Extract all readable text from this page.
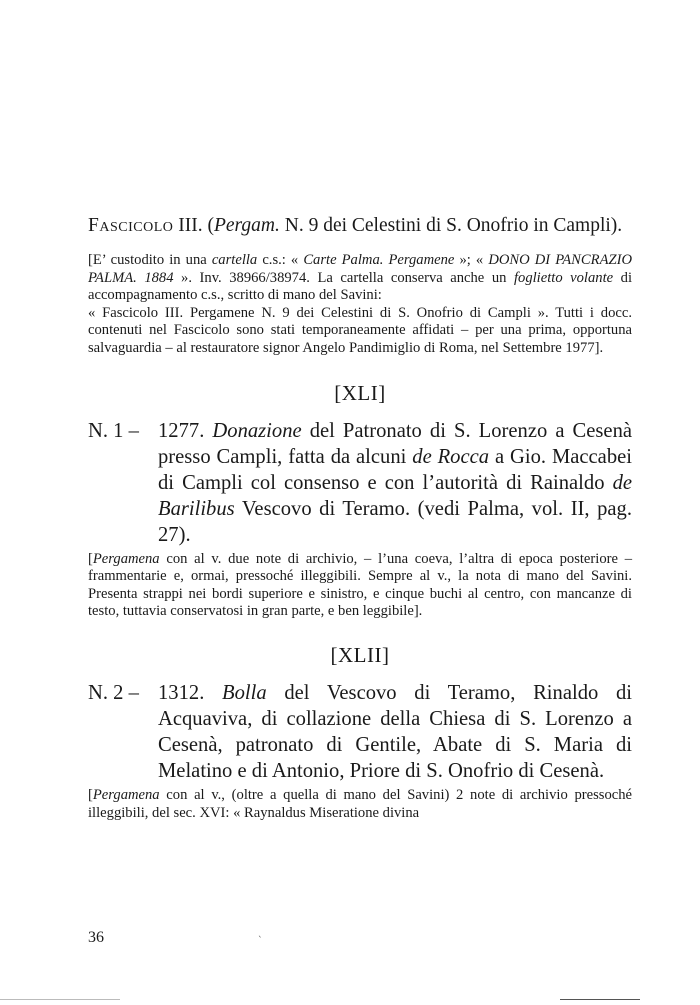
Fascicolo III. (Pergam. N. 9 dei Celestini di S. Onofrio in Campli).

[E’ custodito in una cartella c.s.: « Carte Palma. Pergamene »; « DONO DI PANCRAZIO PALMA. 1884 ». Inv. 38966/38974. La cartella conserva anche un foglietto volante di accompagnamento c.s., scritto di mano del Savini:
« Fascicolo III. Pergamene N. 9 dei Celestini di S. Onofrio di Campli ». Tutti i docc. contenuti nel Fascicolo sono stati temporaneamente affidati – per una prima, opportuna salvaguardia – al restauratore signor Angelo Pandimiglio di Roma, nel Settembre 1977].

[XLI]

N. 1 – 1277. Donazione del Patronato di S. Lorenzo a Cesenà presso Campli, fatta da alcuni de Rocca a Gio. Maccabei di Campli col consenso e con l’autorità di Rainaldo de Barilibus Vescovo di Teramo. (vedi Palma, vol. II, pag. 27).

[Pergamena con al v. due note di archivio, – l’una coeva, l’altra di epoca posteriore – frammentarie e, ormai, pressoché illeggibili. Sempre al v., la nota di mano del Savini. Presenta strappi nei bordi superiore e sinistro, e cinque buchi al centro, con mancanze di testo, tuttavia conservatosi in gran parte, e ben leggibile].

[XLII]

N. 2 – 1312. Bolla del Vescovo di Teramo, Rinaldo di Acquaviva, di collazione della Chiesa di S. Lorenzo a Cesenà, patronato di Gentile, Abate di S. Maria di Melatino e di Antonio, Priore di S. Onofrio di Cesenà.

[Pergamena con al v., (oltre a quella di mano del Savini) 2 note di archivio pressoché illeggibili, del sec. XVI: « Raynaldus Miseratione divina

`
36
